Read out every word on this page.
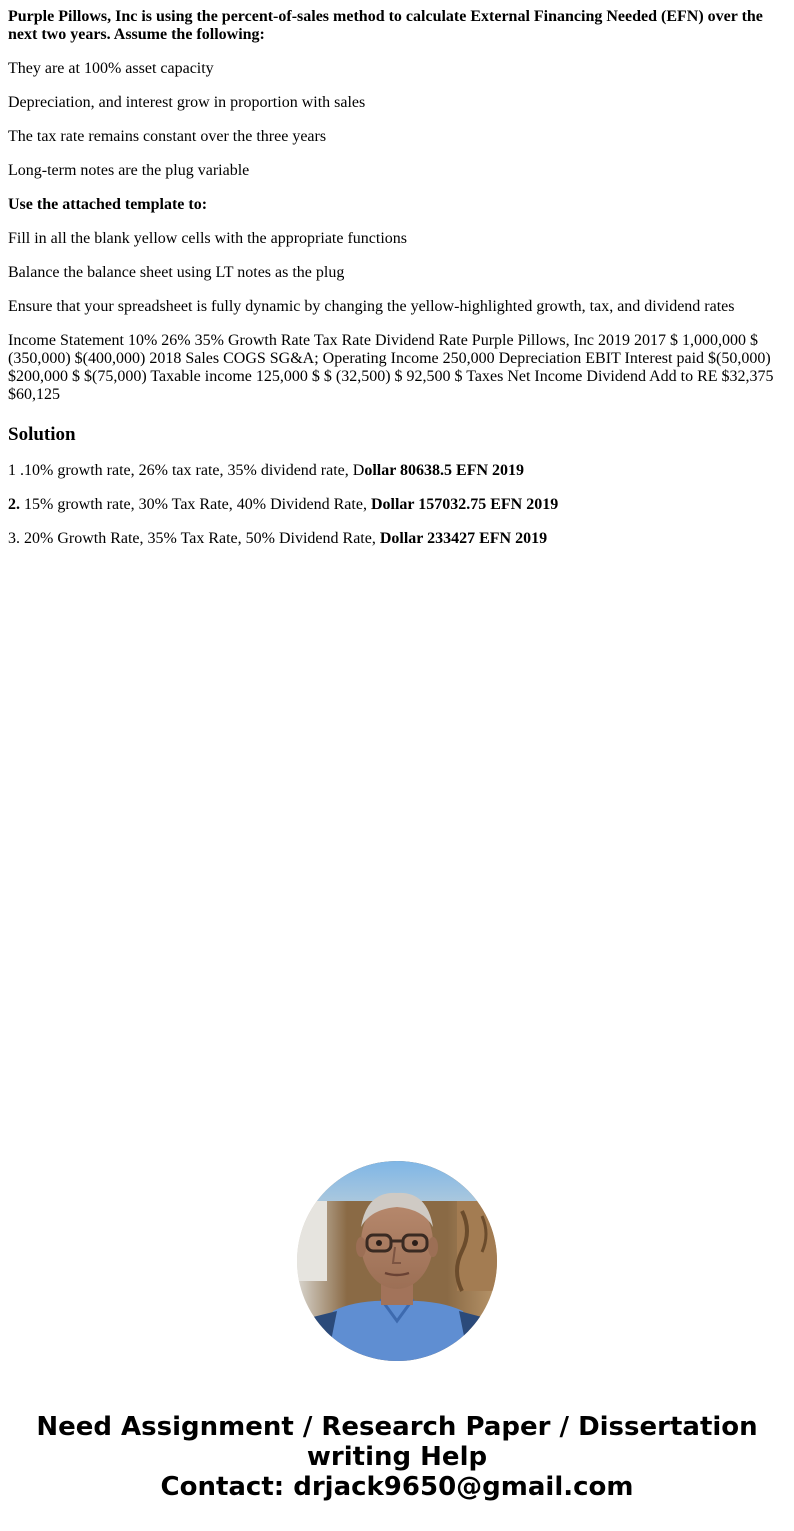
Purple Pillows, Inc is using the percent-of-sales method to calculate External Financing Needed (EFN) over the next two years. Assume the following:

They are at 100% asset capacity

Depreciation, and interest grow in proportion with sales

The tax rate remains constant over the three years

Long-term notes are the plug variable

Use the attached template to:

Fill in all the blank yellow cells with the appropriate functions

Balance the balance sheet using LT notes as the plug

Ensure that your spreadsheet is fully dynamic by changing the yellow-highlighted growth, tax, and dividend rates

Income Statement 10% 26% 35% Growth Rate Tax Rate Dividend Rate Purple Pillows, Inc 2019 2017 $ 1,000,000 $ (350,000) $(400,000) 2018 Sales COGS SG&A; Operating Income 250,000 Depreciation EBIT Interest paid $(50,000) $200,000 $ $(75,000) Taxable income 125,000 $ $ (32,500) $ 92,500 $ Taxes Net Income Dividend Add to RE $32,375 $60,125

Solution

1 .10% growth rate, 26% tax rate, 35% dividend rate, Dollar 80638.5 EFN 2019

2. 15% growth rate, 30% Tax Rate, 40% Dividend Rate, Dollar 157032.75 EFN 2019

3. 20% Growth Rate, 35% Tax Rate, 50% Dividend Rate, Dollar 233427 EFN 2019

Need Assignment / Research Paper / Dissertation
writing Help
Contact: drjack9650@gmail.com
